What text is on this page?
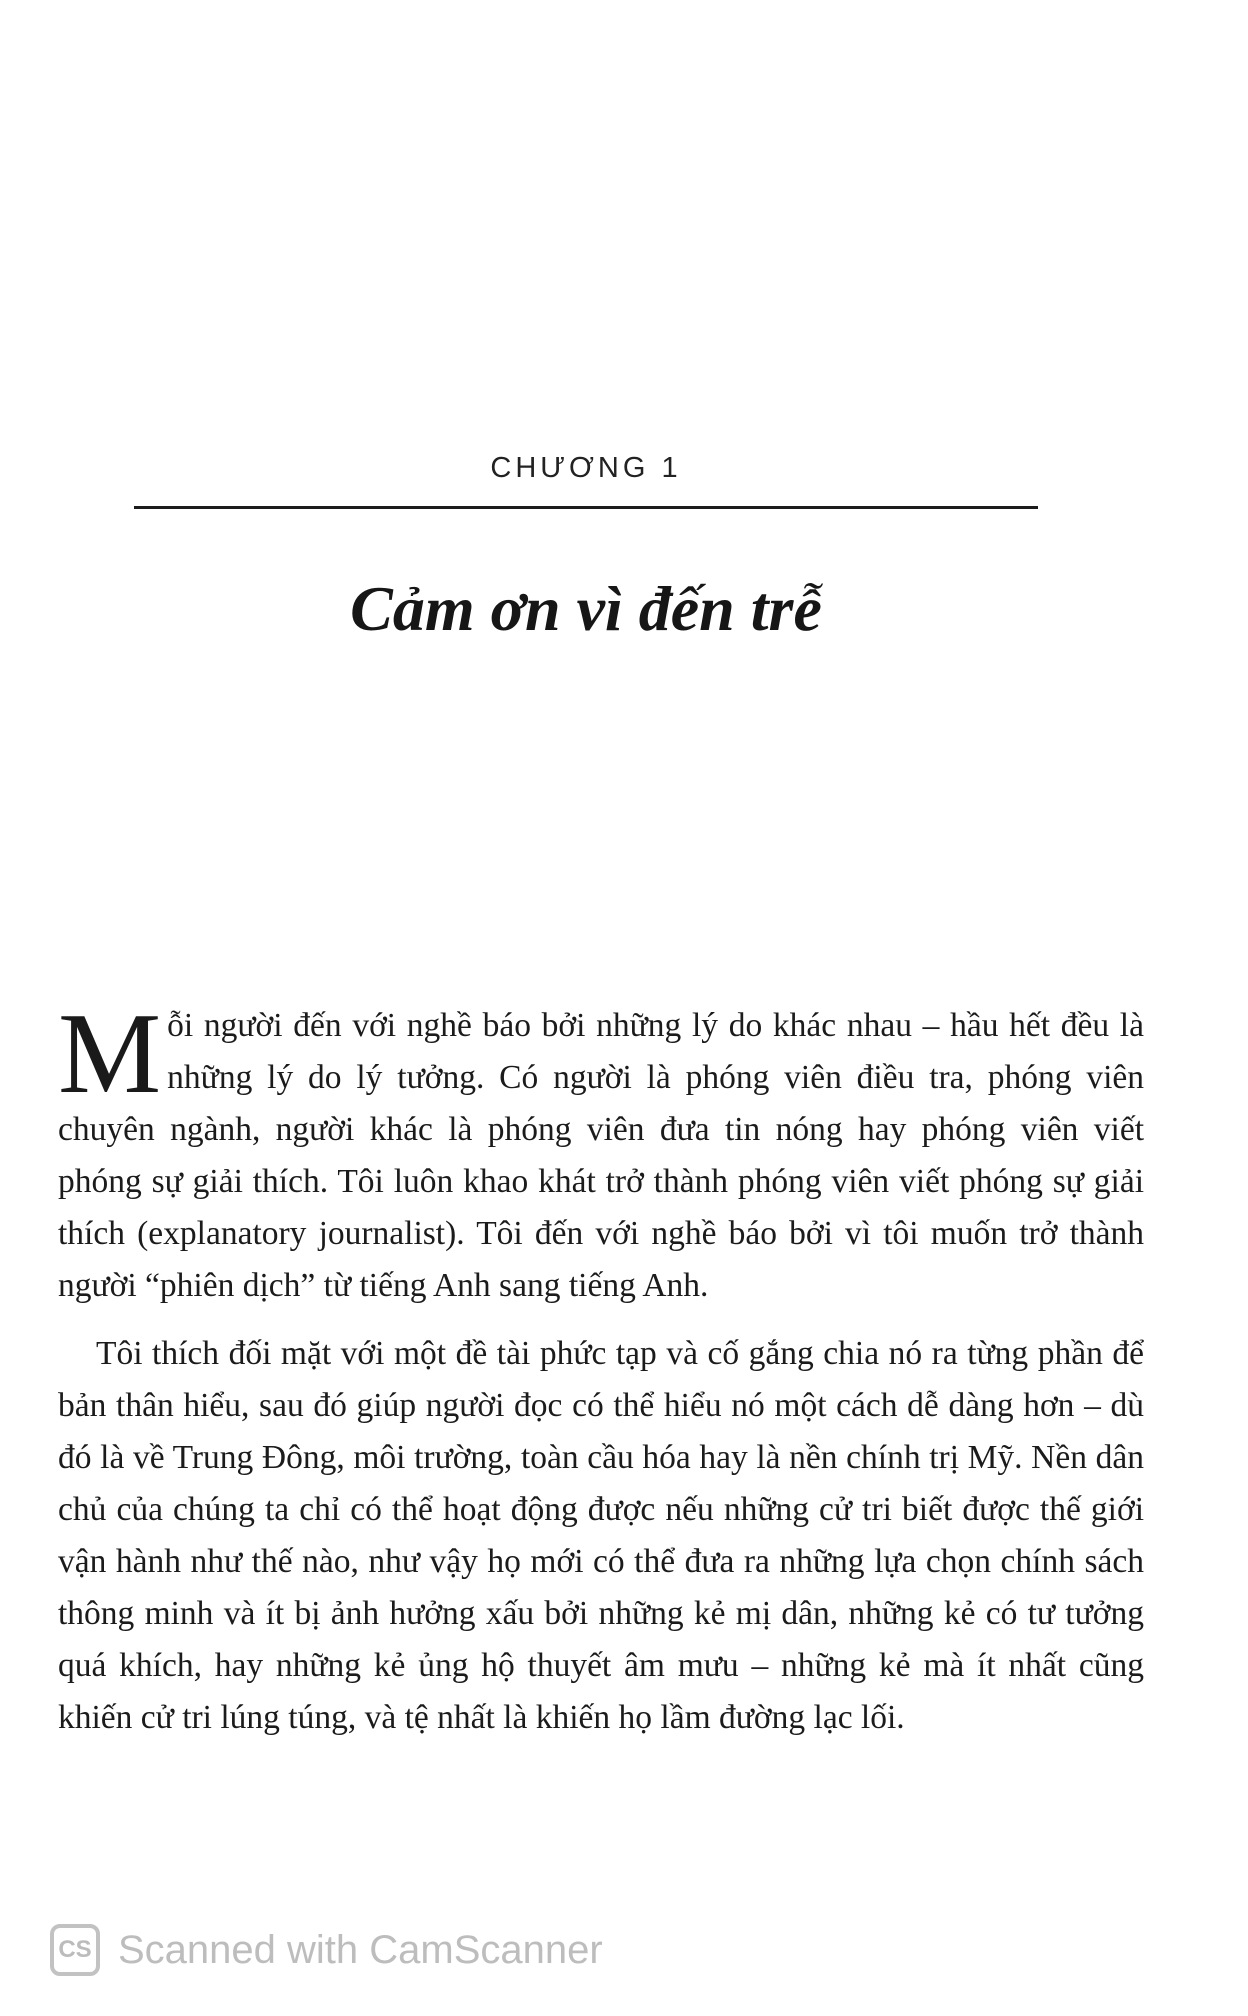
CHƯƠNG 1
Cảm ơn vì đến trễ

Mỗi người đến với nghề báo bởi những lý do khác nhau – hầu hết đều là những lý do lý tưởng. Có người là phóng viên điều tra, phóng viên chuyên ngành, người khác là phóng viên đưa tin nóng hay phóng viên viết phóng sự giải thích. Tôi luôn khao khát trở thành phóng viên viết phóng sự giải thích (explanatory journalist). Tôi đến với nghề báo bởi vì tôi muốn trở thành người “phiên dịch” từ tiếng Anh sang tiếng Anh.

Tôi thích đối mặt với một đề tài phức tạp và cố gắng chia nó ra từng phần để bản thân hiểu, sau đó giúp người đọc có thể hiểu nó một cách dễ dàng hơn – dù đó là về Trung Đông, môi trường, toàn cầu hóa hay là nền chính trị Mỹ. Nền dân chủ của chúng ta chỉ có thể hoạt động được nếu những cử tri biết được thế giới vận hành như thế nào, như vậy họ mới có thể đưa ra những lựa chọn chính sách thông minh và ít bị ảnh hưởng xấu bởi những kẻ mị dân, những kẻ có tư tưởng quá khích, hay những kẻ ủng hộ thuyết âm mưu – những kẻ mà ít nhất cũng khiến cử tri lúng túng, và tệ nhất là khiến họ lầm đường lạc lối.

CS Scanned with CamScanner
